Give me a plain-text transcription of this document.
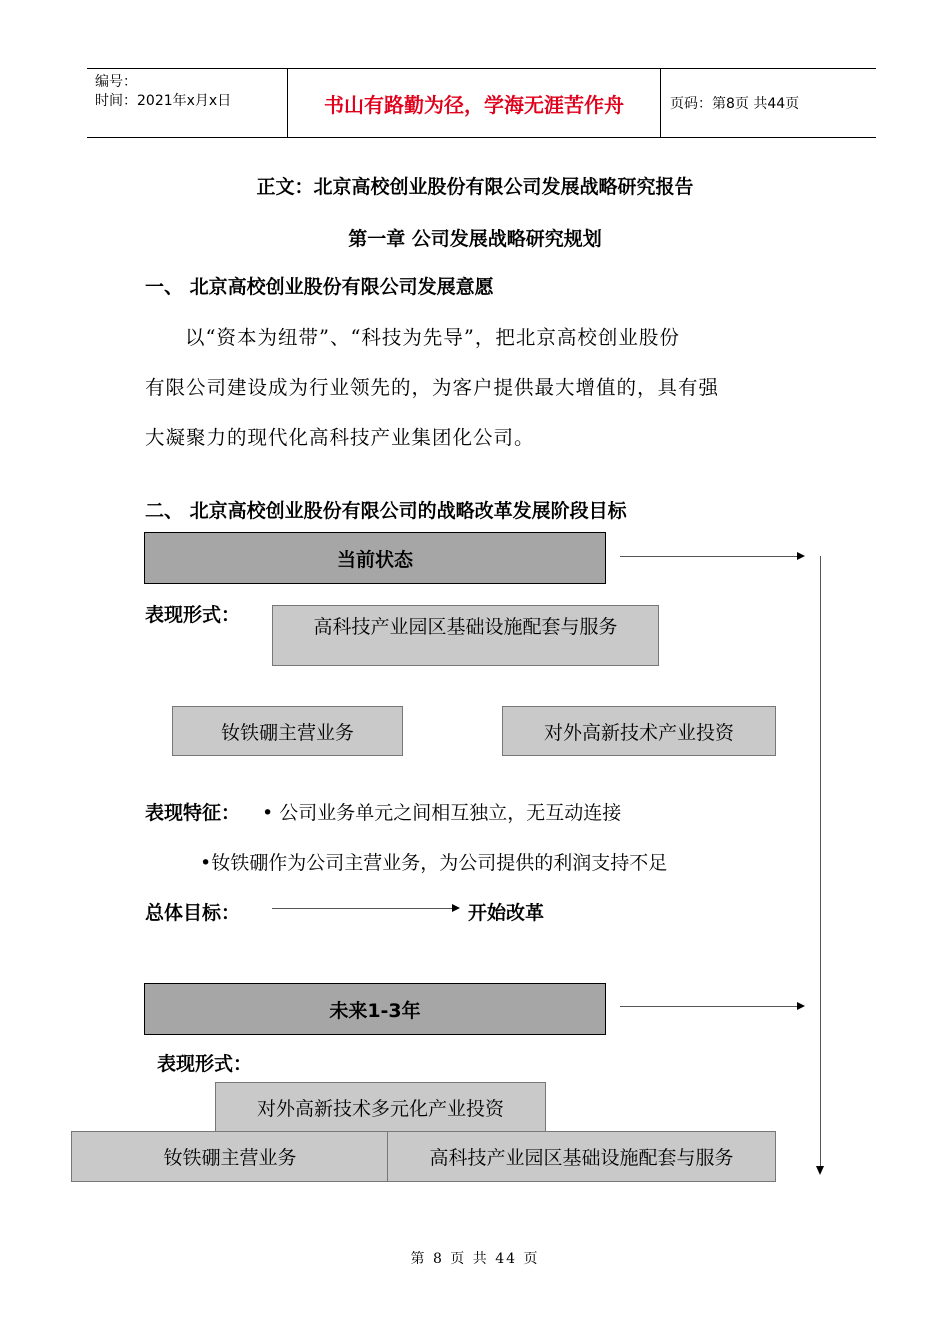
编号：
时间：2021年x月x日	书山有路勤为径，学海无涯苦作舟	页码：第8页 共44页
正文：北京高校创业股份有限公司发展战略研究报告
第一章 公司发展战略研究规划
一、 北京高校创业股份有限公司发展意愿
以“资本为纽带”、“科技为先导”，把北京高校创业股份
有限公司建设成为行业领先的，为客户提供最大增值的，具有强
大凝聚力的现代化高科技产业集团化公司。
二、 北京高校创业股份有限公司的战略改革发展阶段目标
当前状态
表现形式：
高科技产业园区基础设施配套与服务
钕铁硼主营业务	对外高新技术产业投资
表现特征： • 公司业务单元之间相互独立，无互动连接
•钕铁硼作为公司主营业务，为公司提供的利润支持不足
总体目标：	开始改革
未来1-3年
表现形式：
对外高新技术多元化产业投资
钕铁硼主营业务	高科技产业园区基础设施配套与服务
第 8 页 共 44 页
